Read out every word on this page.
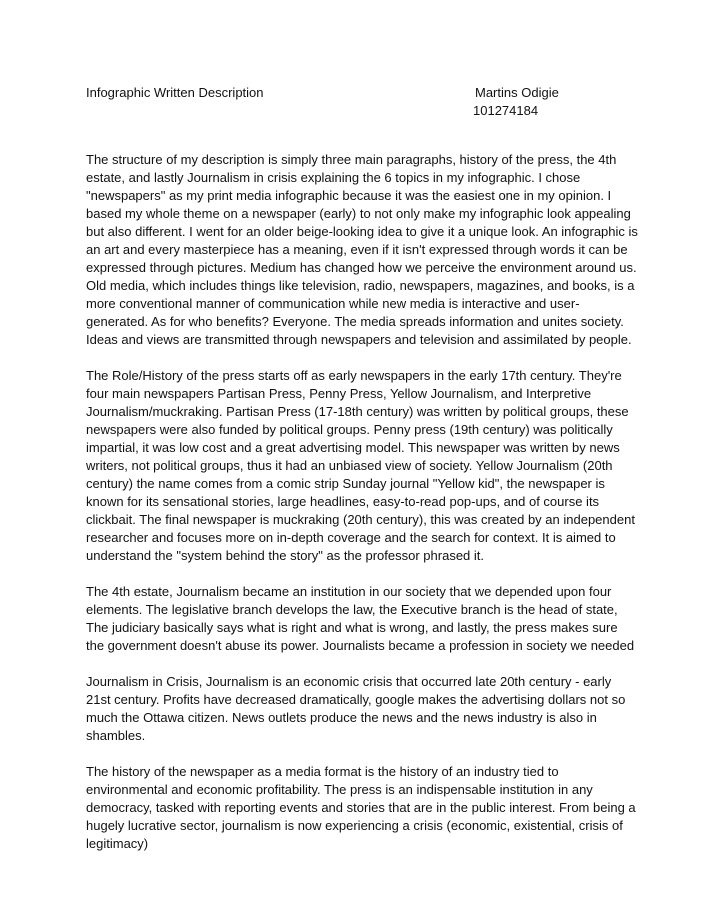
Infographic Written Description	Martins Odigie
101274184

The structure of my description is simply three main paragraphs, history of the press, the 4th
estate, and lastly Journalism in crisis explaining the 6 topics in my infographic. I chose
"newspapers" as my print media infographic because it was the easiest one in my opinion. I
based my whole theme on a newspaper (early) to not only make my infographic look appealing
but also different. I went for an older beige-looking idea to give it a unique look. An infographic is
an art and every masterpiece has a meaning, even if it isn't expressed through words it can be
expressed through pictures. Medium has changed how we perceive the environment around us.
Old media, which includes things like television, radio, newspapers, magazines, and books, is a
more conventional manner of communication while new media is interactive and user-
generated. As for who benefits? Everyone. The media spreads information and unites society.
Ideas and views are transmitted through newspapers and television and assimilated by people.

The Role/History of the press starts off as early newspapers in the early 17th century. They're
four main newspapers Partisan Press, Penny Press, Yellow Journalism, and Interpretive
Journalism/muckraking. Partisan Press (17-18th century) was written by political groups, these
newspapers were also funded by political groups. Penny press (19th century) was politically
impartial, it was low cost and a great advertising model. This newspaper was written by news
writers, not political groups, thus it had an unbiased view of society. Yellow Journalism (20th
century) the name comes from a comic strip Sunday journal "Yellow kid", the newspaper is
known for its sensational stories, large headlines, easy-to-read pop-ups, and of course its
clickbait. The final newspaper is muckraking (20th century), this was created by an independent
researcher and focuses more on in-depth coverage and the search for context. It is aimed to
understand the "system behind the story" as the professor phrased it.

The 4th estate, Journalism became an institution in our society that we depended upon four
elements. The legislative branch develops the law, the Executive branch is the head of state,
The judiciary basically says what is right and what is wrong, and lastly, the press makes sure
the government doesn't abuse its power. Journalists became a profession in society we needed

Journalism in Crisis, Journalism is an economic crisis that occurred late 20th century - early
21st century. Profits have decreased dramatically, google makes the advertising dollars not so
much the Ottawa citizen. News outlets produce the news and the news industry is also in
shambles.

The history of the newspaper as a media format is the history of an industry tied to
environmental and economic profitability. The press is an indispensable institution in any
democracy, tasked with reporting events and stories that are in the public interest. From being a
hugely lucrative sector, journalism is now experiencing a crisis (economic, existential, crisis of
legitimacy)
